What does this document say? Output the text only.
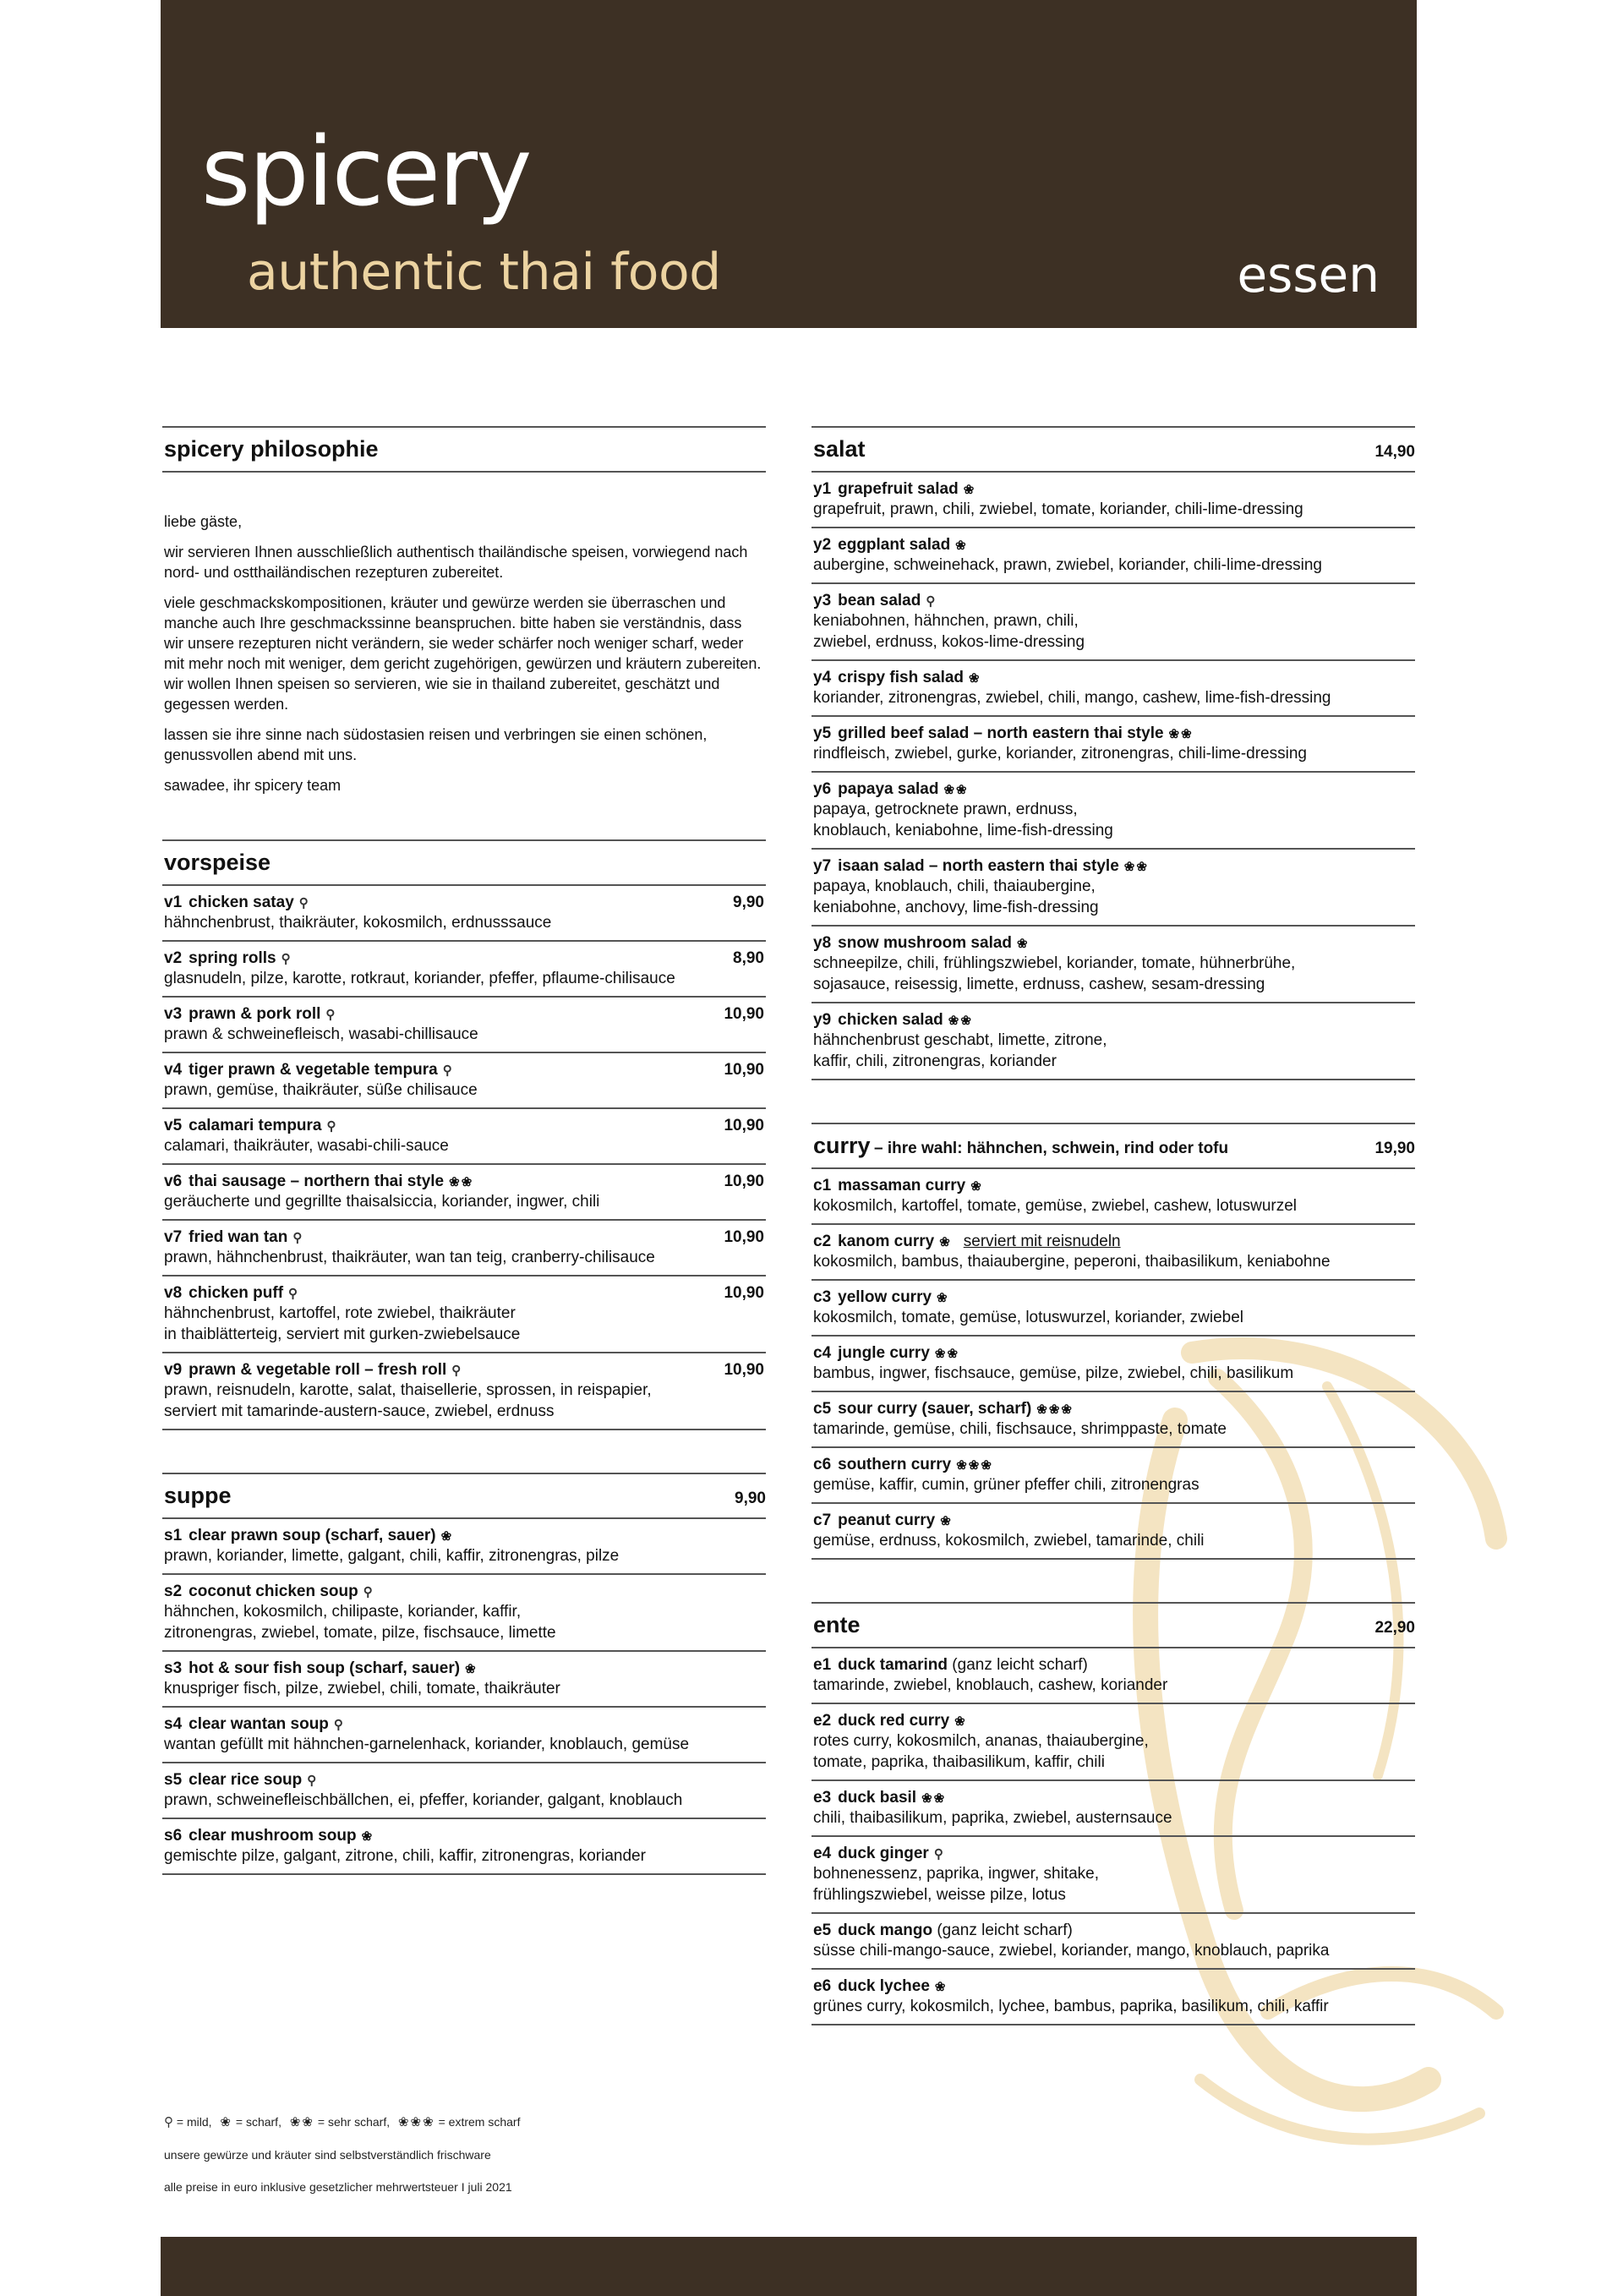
spicery
authentic thai food	essen
spicery philosophie

liebe gäste,

wir servieren Ihnen ausschließlich authentisch thailändische speisen, vorwiegend nach nord- und ostthailändischen rezepturen zubereitet.

viele geschmackskompositionen, kräuter und gewürze werden sie überraschen und manche auch Ihre geschmackssinne beanspruchen. bitte haben sie verständnis, dass wir unsere rezepturen nicht verändern, sie weder schärfer noch weniger scharf, weder mit mehr noch mit weniger, dem gericht zugehörigen, gewürzen und kräutern zubereiten. wir wollen Ihnen speisen so servieren, wie sie in thailand zubereitet, geschätzt und gegessen werden.

lassen sie ihre sinne nach südostasien reisen und verbringen sie einen schönen, genussvollen abend mit uns.

sawadee, ihr spicery team

vorspeise
v1 chicken satay ⚲	9,90
hähnchenbrust, thaikräuter, kokosmilch, erdnusssauce
v2 spring rolls ⚲	8,90
glasnudeln, pilze, karotte, rotkraut, koriander, pfeffer, pflaume-chilisauce
v3 prawn & pork roll ⚲	10,90
prawn & schweinefleisch, wasabi-chillisauce
v4 tiger prawn & vegetable tempura ⚲	10,90
prawn, gemüse, thaikräuter, süße chilisauce
v5 calamari tempura ⚲	10,90
calamari, thaikräuter, wasabi-chili-sauce
v6 thai sausage – northern thai style ❀❀	10,90
geräucherte und gegrillte thaisalsiccia, koriander, ingwer, chili
v7 fried wan tan ⚲	10,90
prawn, hähnchenbrust, thaikräuter, wan tan teig, cranberry-chilisauce
v8 chicken puff ⚲	10,90
hähnchenbrust, kartoffel, rote zwiebel, thaikräuter
in thaiblätterteig, serviert mit gurken-zwiebelsauce
v9 prawn & vegetable roll – fresh roll ⚲	10,90
prawn, reisnudeln, karotte, salat, thaisellerie, sprossen, in reispapier,
serviert mit tamarinde-austern-sauce, zwiebel, erdnuss
suppe	9,90
s1 clear prawn soup (scharf, sauer) ❀
prawn, koriander, limette, galgant, chili, kaffir, zitronengras, pilze
s2 coconut chicken soup ⚲
hähnchen, kokosmilch, chilipaste, koriander, kaffir,
zitronengras, zwiebel, tomate, pilze, fischsauce, limette
s3 hot & sour fish soup (scharf, sauer) ❀
knuspriger fisch, pilze, zwiebel, chili, tomate, thaikräuter
s4 clear wantan soup ⚲
wantan gefüllt mit hähnchen-garnelenhack, koriander, knoblauch, gemüse
s5 clear rice soup ⚲
prawn, schweinefleischbällchen, ei, pfeffer, koriander, galgant, knoblauch
s6 clear mushroom soup ❀
gemischte pilze, galgant, zitrone, chili, kaffir, zitronengras, koriander
salat	14,90
y1 grapefruit salad ❀
grapefruit, prawn, chili, zwiebel, tomate, koriander, chili-lime-dressing
y2 eggplant salad ❀
aubergine, schweinehack, prawn, zwiebel, koriander, chili-lime-dressing
y3 bean salad ⚲
keniabohnen, hähnchen, prawn, chili,
zwiebel, erdnuss, kokos-lime-dressing
y4 crispy fish salad ❀
koriander, zitronengras, zwiebel, chili, mango, cashew, lime-fish-dressing
y5 grilled beef salad – north eastern thai style ❀❀
rindfleisch, zwiebel, gurke, koriander, zitronengras, chili-lime-dressing
y6 papaya salad ❀❀
papaya, getrocknete prawn, erdnuss,
knoblauch, keniabohne, lime-fish-dressing
y7 isaan salad – north eastern thai style ❀❀
papaya, knoblauch, chili, thaiaubergine,
keniabohne, anchovy, lime-fish-dressing
y8 snow mushroom salad ❀
schneepilze, chili, frühlingszwiebel, koriander, tomate, hühnerbrühe,
sojasauce, reisessig, limette, erdnuss, cashew, sesam-dressing
y9 chicken salad ❀❀
hähnchenbrust geschabt, limette, zitrone,
kaffir, chili, zitronengras, koriander
curry – ihre wahl: hähnchen, schwein, rind oder tofu	19,90
c1 massaman curry ❀
kokosmilch, kartoffel, tomate, gemüse, zwiebel, cashew, lotuswurzel
c2 kanom curry ❀ serviert mit reisnudeln
kokosmilch, bambus, thaiaubergine, peperoni, thaibasilikum, keniabohne
c3 yellow curry ❀
kokosmilch, tomate, gemüse, lotuswurzel, koriander, zwiebel
c4 jungle curry ❀❀
bambus, ingwer, fischsauce, gemüse, pilze, zwiebel, chili, basilikum
c5 sour curry (sauer, scharf) ❀❀❀
tamarinde, gemüse, chili, fischsauce, shrimppaste, tomate
c6 southern curry ❀❀❀
gemüse, kaffir, cumin, grüner pfeffer chili, zitronengras
c7 peanut curry ❀
gemüse, erdnuss, kokosmilch, zwiebel, tamarinde, chili
ente	22,90
e1 duck tamarind (ganz leicht scharf)
tamarinde, zwiebel, knoblauch, cashew, koriander
e2 duck red curry ❀
rotes curry, kokosmilch, ananas, thaiaubergine,
tomate, paprika, thaibasilikum, kaffir, chili
e3 duck basil ❀❀
chili, thaibasilikum, paprika, zwiebel, austernsauce
e4 duck ginger ⚲
bohnenessenz, paprika, ingwer, shitake,
frühlingszwiebel, weisse pilze, lotus
e5 duck mango (ganz leicht scharf)
süsse chili-mango-sauce, zwiebel, koriander, mango, knoblauch, paprika
e6 duck lychee ❀
grünes curry, kokosmilch, lychee, bambus, paprika, basilikum, chili, kaffir
⚲ = mild, ❀ = scharf, ❀❀ = sehr scharf, ❀❀❀ = extrem scharf
unsere gewürze und kräuter sind selbstverständlich frischware
alle preise in euro inklusive gesetzlicher mehrwertsteuer I juli 2021
